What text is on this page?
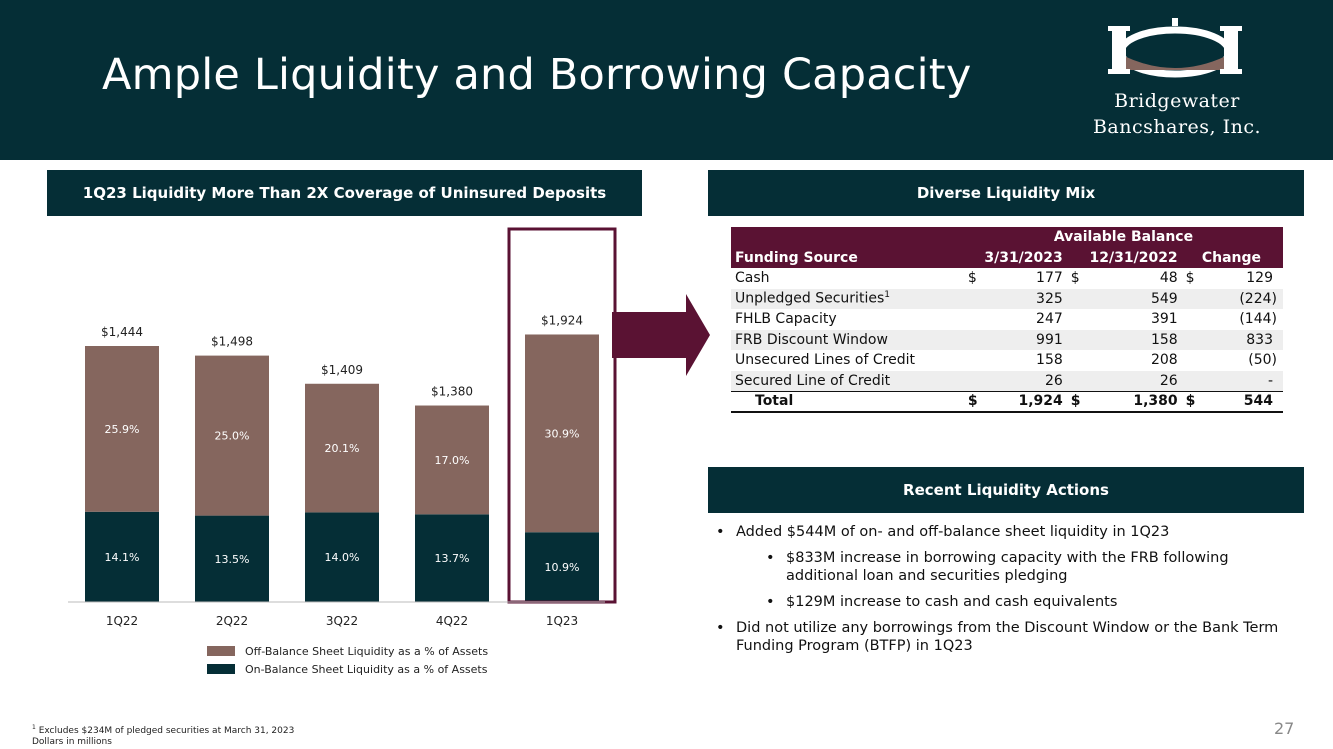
Ample Liquidity and Borrowing Capacity
Bridgewater
Bancshares, Inc.
1Q23 Liquidity More Than 2X Coverage of Uninsured Deposits
14.1%
25.9%
$1,444
1Q22
13.5%
25.0%
$1,498
2Q22
14.0%
20.1%
$1,409
3Q22
13.7%
17.0%
$1,380
4Q22
10.9%
30.9%
$1,924
1Q23
Off-Balance Sheet Liquidity as a % of Assets
On-Balance Sheet Liquidity as a % of Assets
Diverse Liquidity Mix
	Available Balance					
Funding Source	3/31/2023		12/31/2022		Change	
Cash	$	177	$	48	$	129
Unpledged Securities$^1$		325		549		(224)
FHLB Capacity		247		391		(144)
FRB Discount Window		991		158		833
Unsecured Lines of Credit		158		208		(50)
Secured Line of Credit		26		26		-
Total	$	1,924	$	1,380	$	544
Recent Liquidity Actions
• Added $544M of on- and off-balance sheet liquidity in 1Q23
• $833M increase in borrowing capacity with the FRB following additional loan and securities pledging
• $129M increase to cash and cash equivalents
• Did not utilize any borrowings from the Discount Window or the Bank Term Funding Program (BTFP) in 1Q23
$^1$ Excludes $234M of pledged securities at March 31, 2023
Dollars in millions
27
